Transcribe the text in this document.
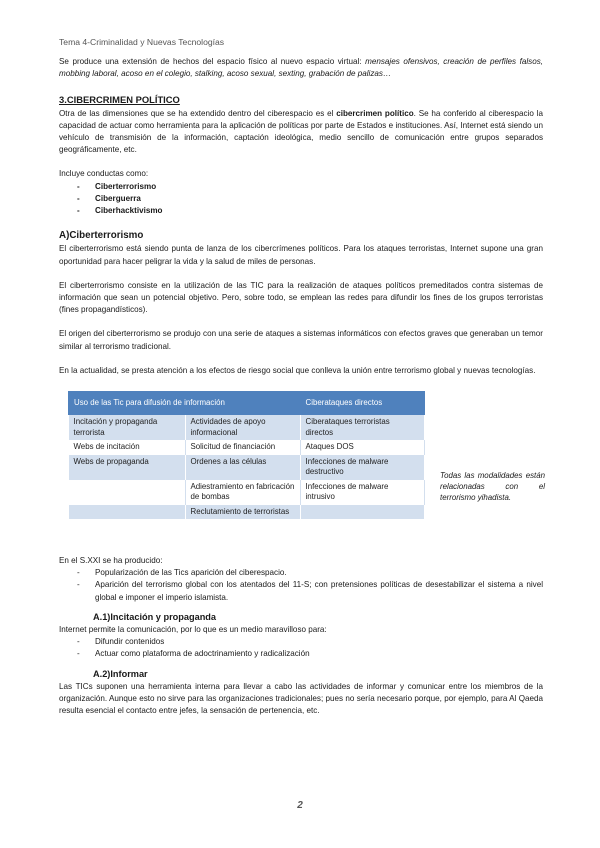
Tema 4-Criminalidad y Nuevas Tecnologías

Se produce una extensión de hechos del espacio físico al nuevo espacio virtual: mensajes ofensivos, creación de perfiles falsos, mobbing laboral, acoso en el colegio, stalking, acoso sexual, sexting, grabación de palizas…

3.CIBERCRIMEN POLÍTICO

Otra de las dimensiones que se ha extendido dentro del ciberespacio es el cibercrimen político. Se ha conferido al ciberespacio la capacidad de actuar como herramienta para la aplicación de políticas por parte de Estados e instituciones. Así, Internet está siendo un vehículo de transmisión de la información, captación ideológica, medio sencillo de comunicación entre grupos separados geográficamente, etc.

Incluye conductas como:

- Ciberterrorismo
- Ciberguerra
- Ciberhacktivismo
A)Ciberterrorismo

El ciberterrorismo está siendo punta de lanza de los cibercrímenes políticos. Para los ataques terroristas, Internet supone una gran oportunidad para hacer peligrar la vida y la salud de miles de personas.

El ciberterrorismo consiste en la utilización de las TIC para la realización de ataques políticos premeditados contra sistemas de información que sean un potencial objetivo. Pero, sobre todo, se emplean las redes para difundir los fines de los grupos terroristas (fines propagandísticos).

El origen del ciberterrorismo se produjo con una serie de ataques a sistemas informáticos con efectos graves que generaban un temor similar al terrorismo tradicional.

En la actualidad, se presta atención a los efectos de riesgo social que conlleva la unión entre terrorismo global y nuevas tecnologías.

Uso de las Tic para difusión de información		Ciberataques directos
Incitación y propaganda terrorista	Actividades de apoyo informacional	Ciberataques terroristas directos
Webs de incitación	Solicitud de financiación	Ataques DOS
Webs de propaganda	Ordenes a las células	Infecciones de malware destructivo
	Adiestramiento en fabricación de bombas	Infecciones de malware intrusivo
	Reclutamiento de terroristas	
Todas las modalidades están relacionadas con el terrorismo yihadista.

En el S.XXI se ha producido:

- Popularización de las Tics aparición del ciberespacio.
- Aparición del terrorismo global con los atentados del 11-S; con pretensiones políticas de desestabilizar el sistema a nivel global e imponer el imperio islamista.
A.1)Incitación y propaganda

Internet permite la comunicación, por lo que es un medio maravilloso para:

- Difundir contenidos
- Actuar como plataforma de adoctrinamiento y radicalización
A.2)Informar

Las TICs suponen una herramienta interna para llevar a cabo las actividades de informar y comunicar entre los miembros de la organización. Aunque esto no sirve para las organizaciones tradicionales; pues no sería necesario porque, por ejemplo, para Al Qaeda resulta esencial el contacto entre jefes, la sensación de pertenencia, etc.

2
